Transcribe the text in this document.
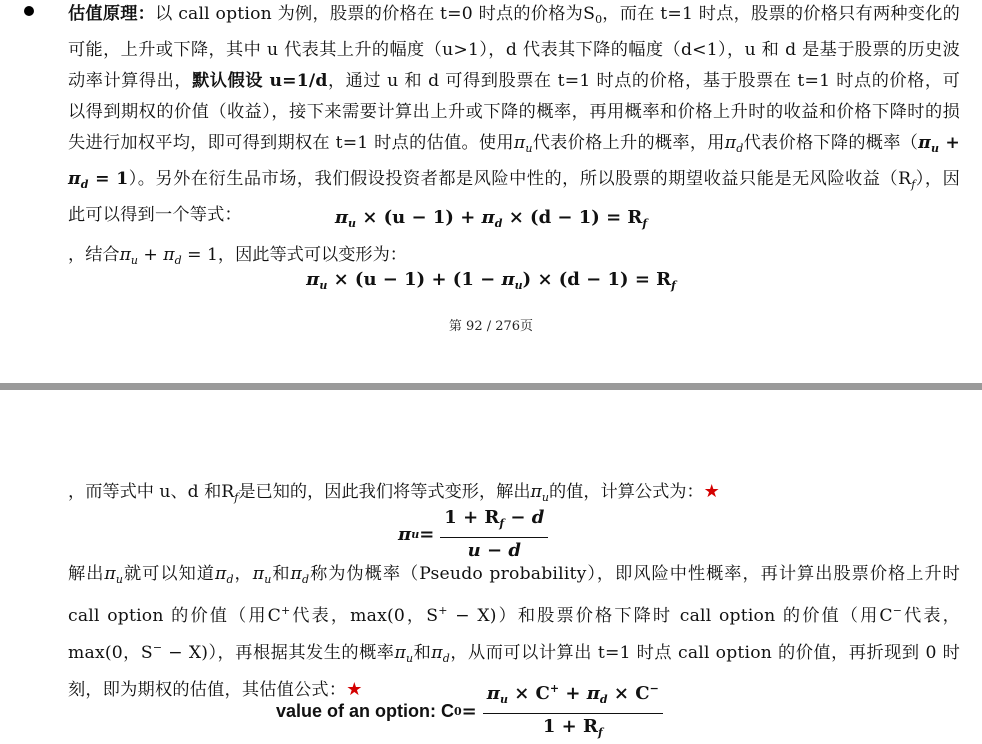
估值原理：以 call option 为例，股票的价格在 t=0 时点的价格为$S_0$，而在 t=1 时点，股票的价格只有两种变化的可能，上升或下降，其中 u 代表其上升的幅度（u>1），d 代表其下降的幅度（d<1），u 和 d 是基于股票的历史波动率计算得出，默认假设 u=1/d，通过 u 和 d 可得到股票在 t=1 时点的价格，基于股票在 t=1 时点的价格，可以得到期权的价值（收益），接下来需要计算出上升或下降的概率，再用概率和价格上升时的收益和价格下降时的损失进行加权平均，即可得到期权在 t=1 时点的估值。使用$\pi_u$代表价格上升的概率，用$\pi_d$代表价格下降的概率$(\pi_u + \pi_d = 1)$。另外在衍生品市场，我们假设投资者都是风险中性的，所以股票的期望收益只能是无风险收益$(R_f)$，因此可以得到一个等式：	$\pi_u \times (u - 1) + \pi_d \times (d - 1) = R_f$
，结合$\pi_u + \pi_d = 1$，因此等式可以变形为：
$\pi_u \times (u - 1) + (1 - \pi_u) \times (d - 1) = R_f$
第 92 / 276页
，而等式中 u、d 和$R_f$是已知的，因此我们将等式变形，解出$\pi_u$的值，计算公式为：★
π $u = \frac{1 + R_f - d}{u - d}$

解出$\pi_u$就可以知道$\pi_d$，$\pi_u$和$\pi_d$称为伪概率（Pseudo probability），即风险中性概率，再计算出股票价格上升时 call option 的价值（用C+代表，max(0，S+ − X)）和股票价格下降时 call option 的价值（用C−代表，max(0，S− − X)），再根据其发生的概率$\pi_u$和$\pi_d$，从而可以计算出 t=1 时点 call option 的价值，再折现到 0 时刻，即为期权的估值，其估值公式：★

value of an option: C $0 = \frac{\pi_u \times C^+ + \pi_d \times C^-}{1 + R_f}$
